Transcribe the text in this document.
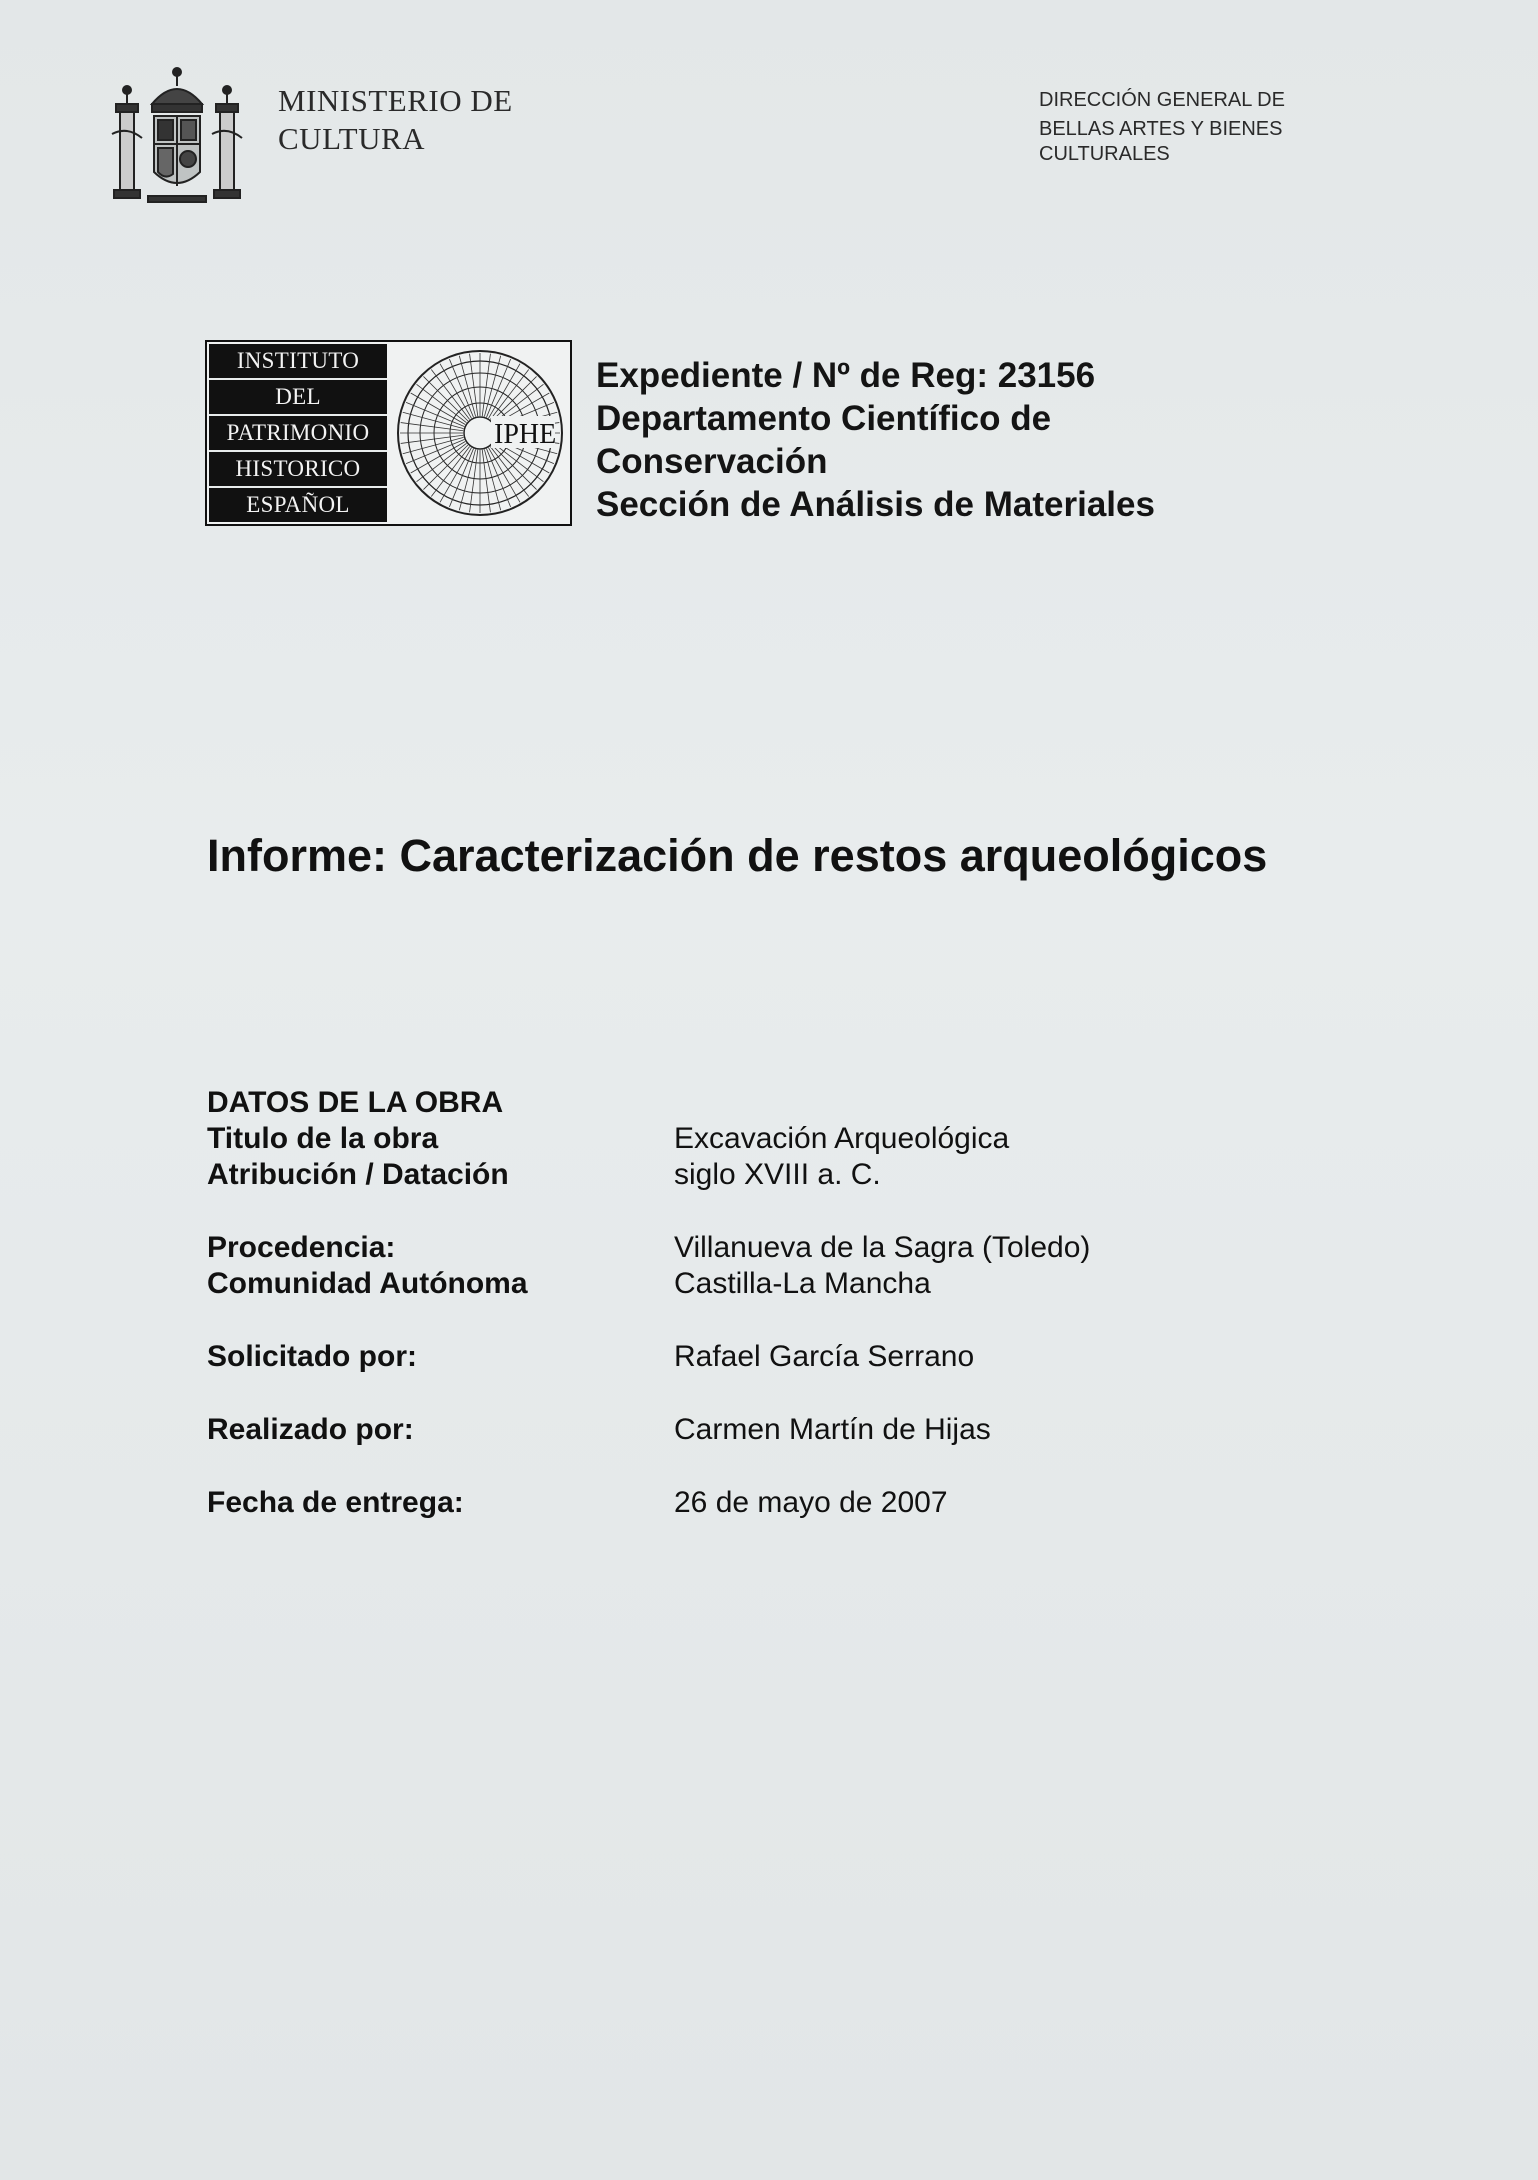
MINISTERIO DE
CULTURA
DIRECCIÓN GENERAL DE
BELLAS ARTES Y BIENES
CULTURALES
INSTITUTO
DEL
PATRIMONIO
HISTORICO
ESPAÑOL
IPHE
Expediente / Nº de Reg: 23156
Departamento Científico de
Conservación
Sección de Análisis de Materiales
Informe: Caracterización de restos arqueológicos
DATOS DE LA OBRA
Titulo de la obra	Excavación Arqueológica
Atribución / Datación	siglo XVIII a. C.
Procedencia:	Villanueva de la Sagra (Toledo)
Comunidad Autónoma	Castilla-La Mancha
Solicitado por:	Rafael García Serrano
Realizado por:	Carmen Martín de Hijas
Fecha de entrega:	26 de mayo de 2007
